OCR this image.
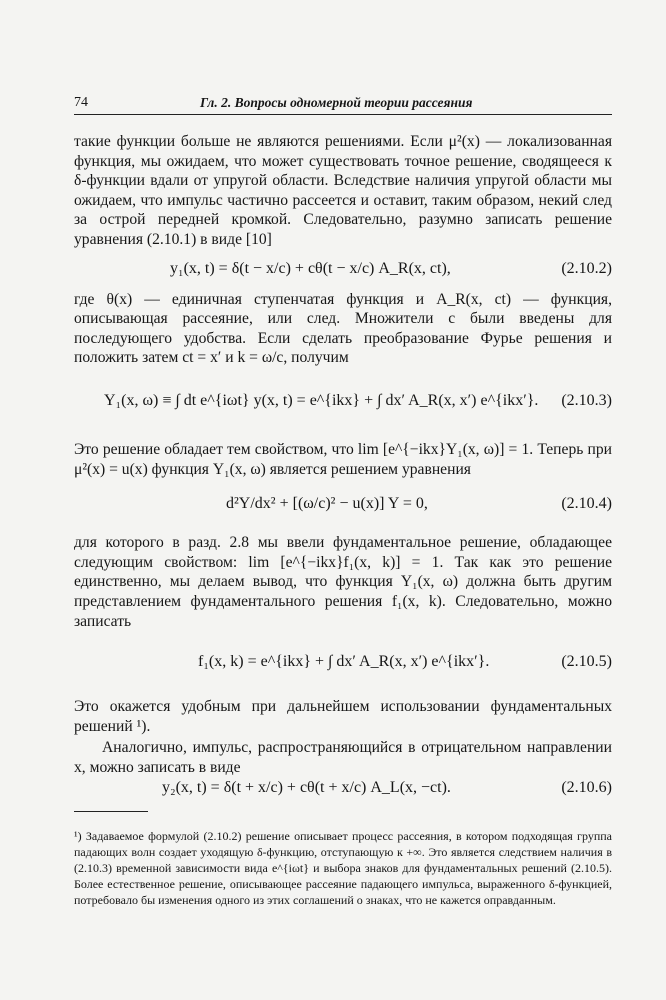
74	Гл. 2. Вопросы одномерной теории рассеяния

такие функции больше не являются решениями. Если μ²(x) — локализованная функция, мы ожидаем, что может существовать точное решение, сводящееся к δ-функции вдали от упругой области. Вследствие наличия упругой области мы ожидаем, что импульс частично рассеется и оставит, таким образом, некий след за острой передней кромкой. Следовательно, разумно записать решение уравнения (2.10.1) в виде [10]

y₁(x, t) = δ(t − x/c) + cθ(t − x/c) A_R(x, ct),	(2.10.2)

где θ(x) — единичная ступенчатая функция и A_R(x, ct) — функция, описывающая рассеяние, или след. Множители c были введены для последующего удобства. Если сделать преобразование Фурье решения и положить затем ct = x′ и k = ω/c, получим

Y₁(x, ω) ≡ ∫ dt e^{iωt} y(x, t) = e^{ikx} + ∫ dx′ A_R(x, x′) e^{ikx′}. (2.10.3)

Это решение обладает тем свойством, что lim [e^{−ikx}Y₁(x, ω)] = 1. Теперь при μ²(x) = u(x) функция Y₁(x, ω) является решением уравнения

d²Y/dx² + [(ω/c)² − u(x)] Y = 0,	(2.10.4)

для которого в разд. 2.8 мы ввели фундаментальное решение, обладающее следующим свойством: lim [e^{−ikx}f₁(x, k)] = 1. Так как это решение единственно, мы делаем вывод, что функция Y₁(x, ω) должна быть другим представлением фундаментального решения f₁(x, k). Следовательно, можно записать

f₁(x, k) = e^{ikx} + ∫ dx′ A_R(x, x′) e^{ikx′}.	(2.10.5)

Это окажется удобным при дальнейшем использовании фундаментальных решений ¹).

Аналогично, импульс, распространяющийся в отрицательном направлении x, можно записать в виде

y₂(x, t) = δ(t + x/c) + cθ(t + x/c) A_L(x, −ct).	(2.10.6)

¹) Задаваемое формулой (2.10.2) решение описывает процесс рассеяния, в котором подходящая группа падающих волн создает уходящую δ-функцию, отступающую к +∞. Это является следствием наличия в (2.10.3) временной зависимости вида e^{iωt} и выбора знаков для фундаментальных решений (2.10.5). Более естественное решение, описывающее рассеяние падающего импульса, выраженного δ-функцией, потребовало бы изменения одного из этих соглашений о знаках, что не кажется оправданным.
